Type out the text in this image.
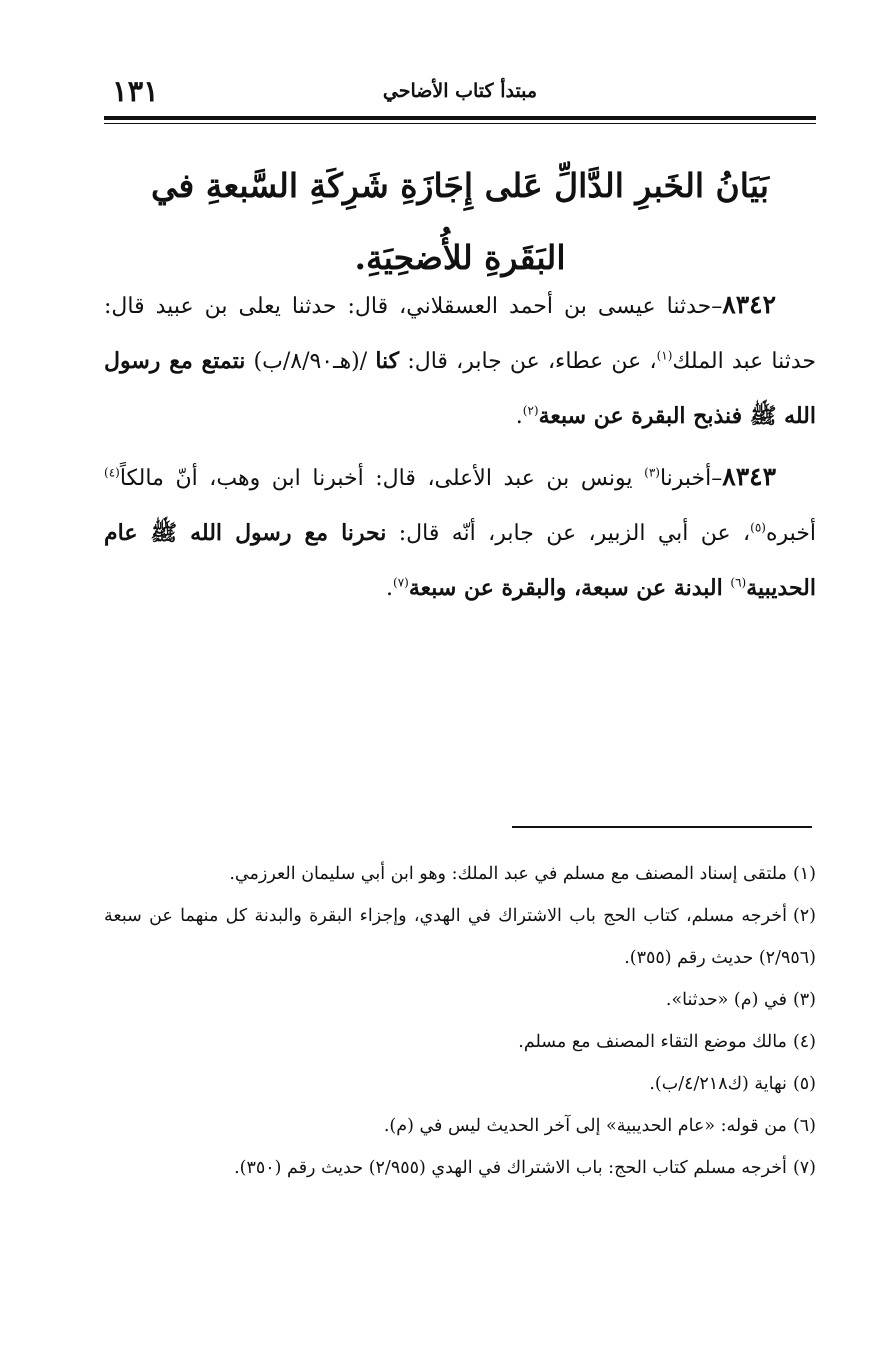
مبتدأ كتاب الأضاحي
١٣١
بَيَانُ الخَبرِ الدَّالِّ عَلى إِجَازَةِ شَرِكَةِ السَّبعةِ في البَقَرةِ للأُضحِيَةِ.

٨٣٤٢–حدثنا عيسى بن أحمد العسقلاني، قال: حدثنا يعلى بن عبيد قال: حدثنا عبد الملك$^{(١)}$، عن عطاء، عن جابر، قال: كنا /(هـ٨/٩٠/ب) نتمتع مع رسول الله ﷺ فنذبح البقرة عن سبعة$^{(٢)}$.

٨٣٤٣–أخبرنا$^{(٣)}$ يونس بن عبد الأعلى، قال: أخبرنا ابن وهب، أنّ مالكاً$^{(٤)}$ أخبره$^{(٥)}$، عن أبي الزبير، عن جابر، أنّه قال: نحرنا مع رسول الله ﷺ عام الحديبية$^{(٦)}$ البدنة عن سبعة، والبقرة عن سبعة$^{(٧)}$.

(١)ملتقى إسناد المصنف مع مسلم في عبد الملك: وهو ابن أبي سليمان العرزمي.

(٢)أخرجه مسلم، كتاب الحج باب الاشتراك في الهدي، وإجزاء البقرة والبدنة كل منهما عن سبعة (٢/٩٥٦) حديث رقم (٣٥٥).

(٣)في (م) «حدثنا».

(٤)مالك موضع التقاء المصنف مع مسلم.

(٥)نهاية (ك٤/٢١٨/ب).

(٦)من قوله: «عام الحديبية» إلى آخر الحديث ليس في (م).

(٧)أخرجه مسلم كتاب الحج: باب الاشتراك في الهدي (٢/٩٥٥) حديث رقم (٣٥٠).
